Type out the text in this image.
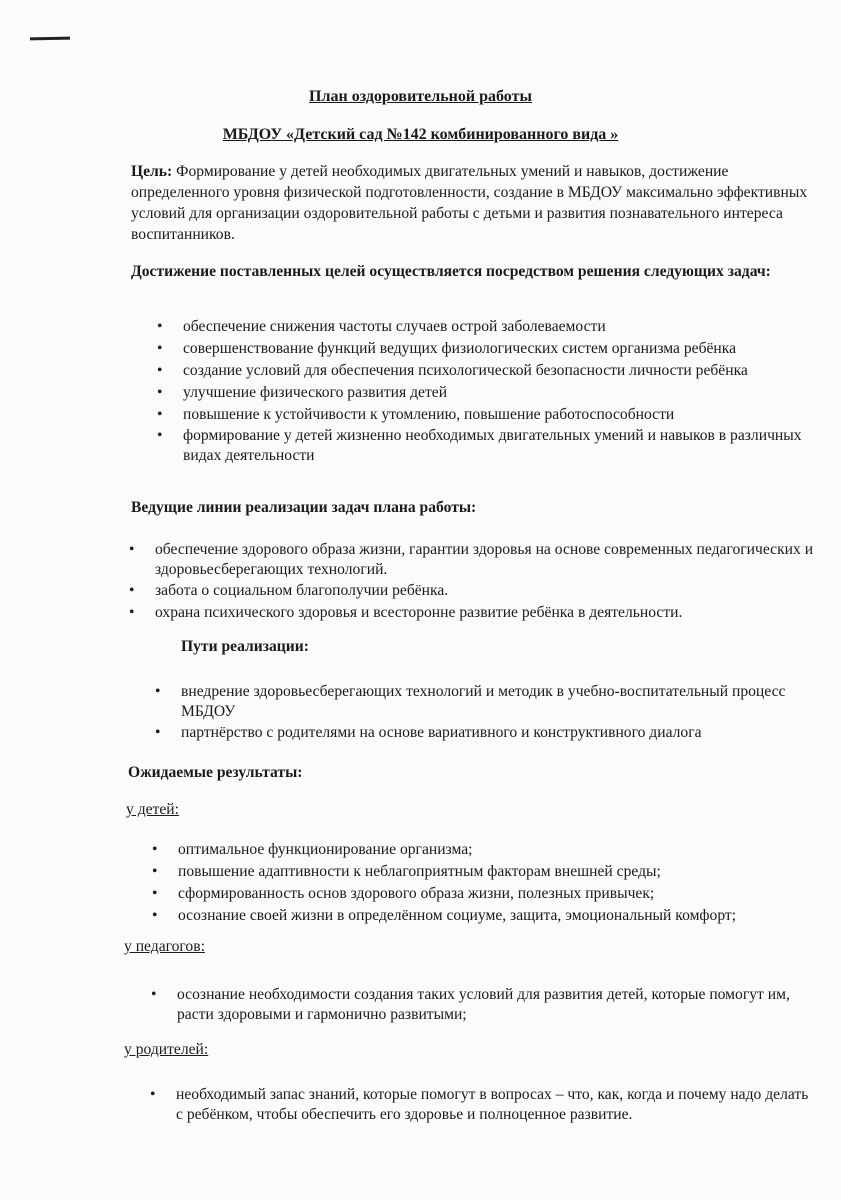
План оздоровительной работы
МБДОУ «Детский сад №142 комбинированного вида »
Цель: Формирование у детей необходимых двигательных умений и навыков, достижение определенного уровня физической подготовленности, создание в МБДОУ максимально эффективных условий для организации оздоровительной работы с детьми и развития познавательного интереса воспитанников.
Достижение поставленных целей осуществляется посредством решения следующих задач:
• обеспечение снижения частоты случаев острой заболеваемости
• совершенствование функций ведущих физиологических систем организма ребёнка
• создание условий для обеспечения психологической безопасности личности ребёнка
• улучшение физического развития детей
• повышение к устойчивости к утомлению, повышение работоспособности
• формирование у детей жизненно необходимых двигательных умений и навыков в различных видах деятельности
Ведущие линии реализации задач плана работы:
• обеспечение здорового образа жизни, гарантии здоровья на основе современных педагогических и здоровьесберегающих технологий.
• забота о социальном благополучии ребёнка.
• охрана психического здоровья и всесторонне развитие ребёнка в деятельности.
Пути реализации:
• внедрение здоровьесберегающих технологий и методик в учебно-воспитательный процесс МБДОУ
• партнёрство с родителями на основе вариативного и конструктивного диалога
Ожидаемые результаты:
у детей:
• оптимальное функционирование организма;
• повышение адаптивности к неблагоприятным факторам внешней среды;
• сформированность основ здорового образа жизни, полезных привычек;
• осознание своей жизни в определённом социуме, защита, эмоциональный комфорт;
у педагогов:
• осознание необходимости создания таких условий для развития детей, которые помогут им, расти здоровыми и гармонично развитыми;
у родителей:
• необходимый запас знаний, которые помогут в вопросах – что, как, когда и почему надо делать с ребёнком, чтобы обеспечить его здоровье и полноценное развитие.
